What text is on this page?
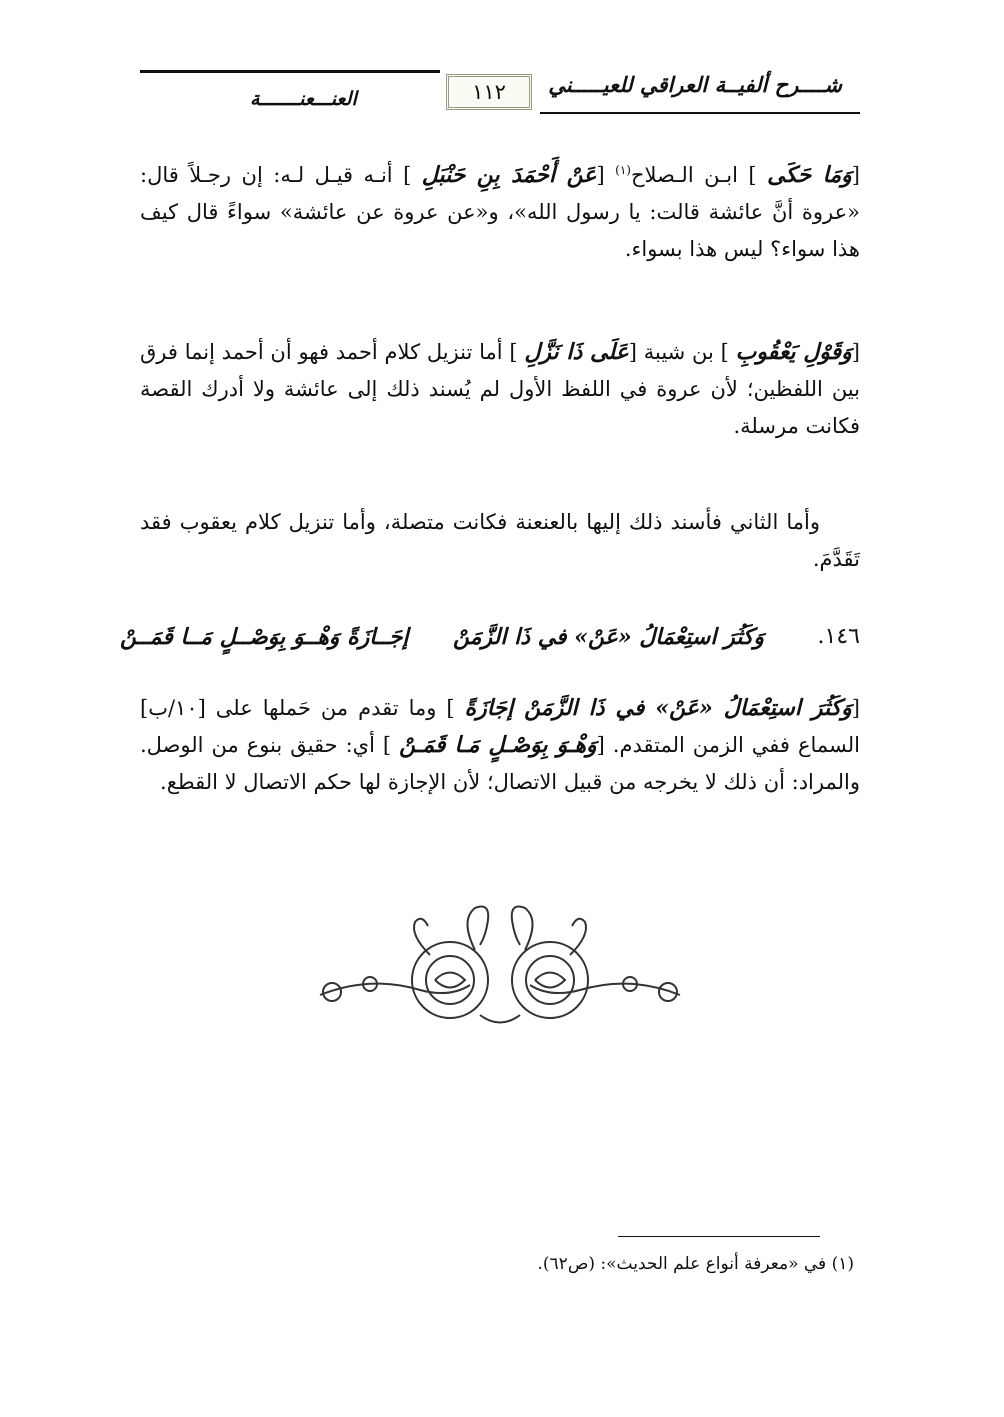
شــــرح ألفيــة العراقي للعيـــــني
١١٢
العنـــعنـــــــة

[وَمَا حَكَى ] ابـن الـصلاح$^{(١)}$ [عَنْ أَحْمَدَ بِنِ حَنْبَلِ ] أنـه قيـل لـه: إن رجـلاً قال: «عروة أنَّ عائشة قالت: يا رسول الله»، و«عن عروة عن عائشة» سواءً قال كيف هذا سواء؟ ليس هذا بسواء.

[وَقَوْلِ يَعْقُوبِ ] بن شيبة [عَلَى ذَا نَزَّلِ ] أما تنزيل كلام أحمد فهو أن أحمد إنما فرق بين اللفظين؛ لأن عروة في اللفظ الأول لم يُسند ذلك إلى عائشة ولا أدرك القصة فكانت مرسلة.

وأما الثاني فأسند ذلك إليها بالعنعنة فكانت متصلة، وأما تنزيل كلام يعقوب فقد تَقَدَّمَ.

١٤٦.
وَكَثُرَ استِعْمَالُ «عَنْ» في ذَا الزَّمَنْ
إجَــازَةً وَهْــوَ بِوَصْــلٍ مَــا قَمَــنْ

[وَكَثُرَ استِعْمَالُ «عَنْ» في ذَا الزَّمَنْ إجَازَةً ] وما تقدم من حَملها على [١٠/ب] السماع ففي الزمن المتقدم. [وَهْـوَ بِوَصْـلٍ مَـا قَمَـنْ ] أي: حقيق بنوع من الوصل. والمراد: أن ذلك لا يخرجه من قبيل الاتصال؛ لأن الإجازة لها حكم الاتصال لا القطع.

(١) في «معرفة أنواع علم الحديث»: (ص٦٢).
